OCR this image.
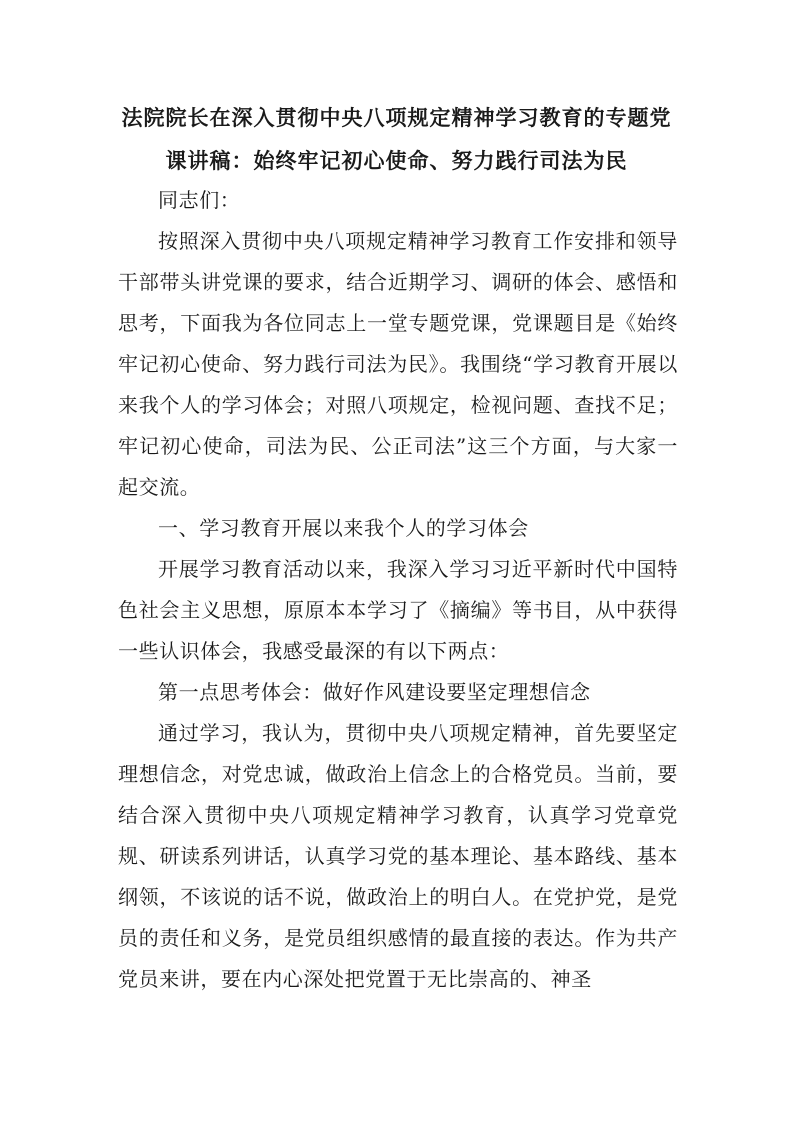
法院院长在深入贯彻中央八项规定精神学习教育的专题党
课讲稿：始终牢记初心使命、努力践行司法为民

同志们：

按照深入贯彻中央八项规定精神学习教育工作安排和领导干部带头讲党课的要求，结合近期学习、调研的体会、感悟和思考，下面我为各位同志上一堂专题党课，党课题目是《始终牢记初心使命、努力践行司法为民》。我围绕“学习教育开展以来我个人的学习体会；对照八项规定，检视问题、查找不足；牢记初心使命，司法为民、公正司法”这三个方面，与大家一起交流。

一、学习教育开展以来我个人的学习体会

开展学习教育活动以来，我深入学习习近平新时代中国特色社会主义思想，原原本本学习了《摘编》等书目，从中获得一些认识体会，我感受最深的有以下两点：

第一点思考体会：做好作风建设要坚定理想信念

通过学习，我认为，贯彻中央八项规定精神，首先要坚定理想信念，对党忠诚，做政治上信念上的合格党员。当前，要结合深入贯彻中央八项规定精神学习教育，认真学习党章党规、研读系列讲话，认真学习党的基本理论、基本路线、基本纲领，不该说的话不说，做政治上的明白人。在党护党，是党员的责任和义务，是党员组织感情的最直接的表达。作为共产党员来讲，要在内心深处把党置于无比崇高的、神圣
